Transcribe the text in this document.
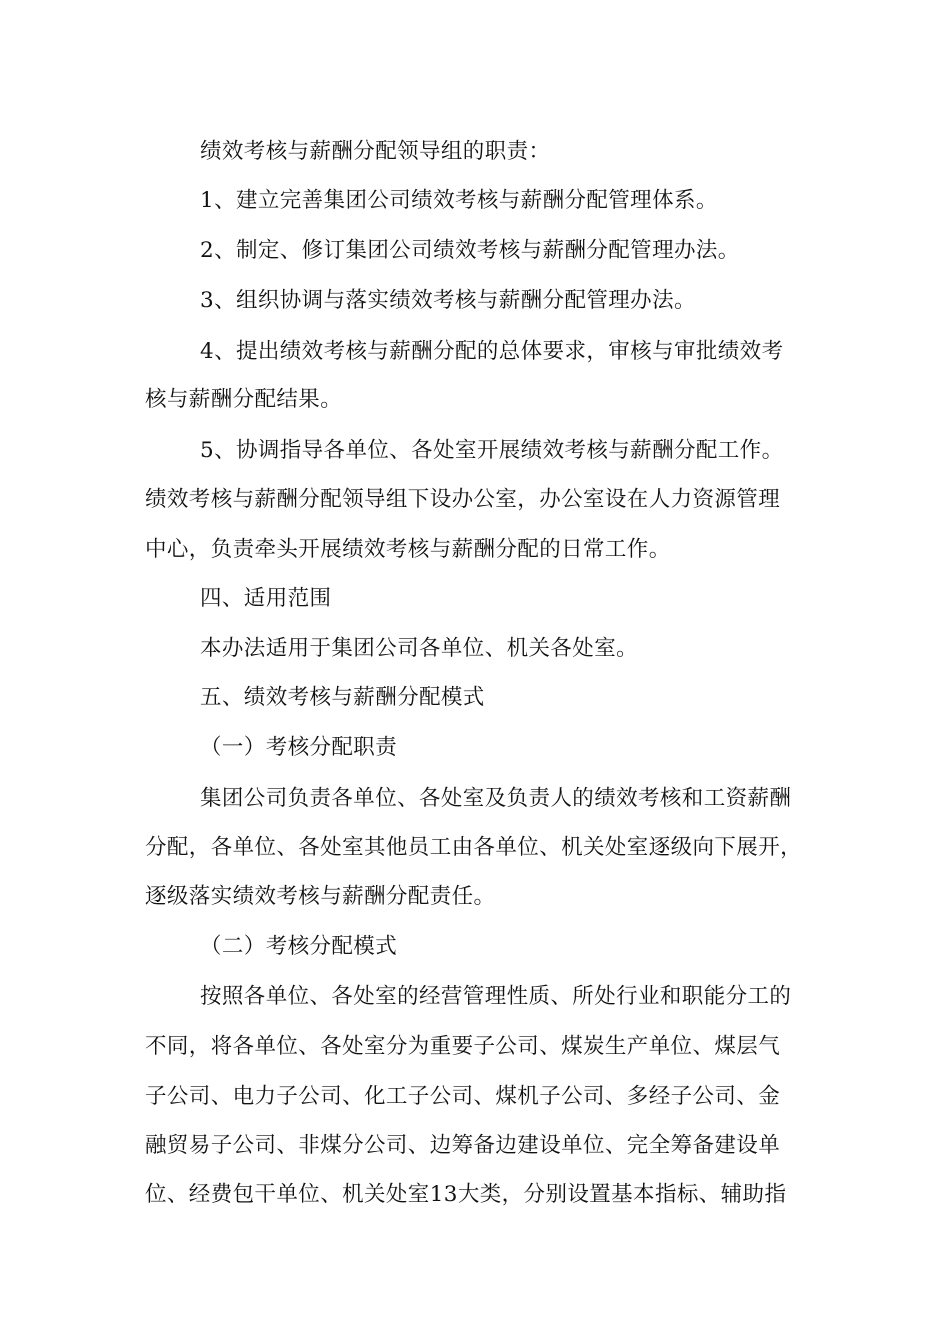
绩效考核与薪酬分配领导组的职责：
1、建立完善集团公司绩效考核与薪酬分配管理体系。
2、制定、修订集团公司绩效考核与薪酬分配管理办法。
3、组织协调与落实绩效考核与薪酬分配管理办法。
4、提出绩效考核与薪酬分配的总体要求，审核与审批绩效考
核与薪酬分配结果。
5、协调指导各单位、各处室开展绩效考核与薪酬分配工作。
绩效考核与薪酬分配领导组下设办公室，办公室设在人力资源管理
中心，负责牵头开展绩效考核与薪酬分配的日常工作。
四、适用范围
本办法适用于集团公司各单位、机关各处室。
五、绩效考核与薪酬分配模式
（一）考核分配职责
集团公司负责各单位、各处室及负责人的绩效考核和工资薪酬
分配，各单位、各处室其他员工由各单位、机关处室逐级向下展开，
逐级落实绩效考核与薪酬分配责任。
（二）考核分配模式
按照各单位、各处室的经营管理性质、所处行业和职能分工的
不同，将各单位、各处室分为重要子公司、煤炭生产单位、煤层气
子公司、电力子公司、化工子公司、煤机子公司、多经子公司、金
融贸易子公司、非煤分公司、边筹备边建设单位、完全筹备建设单
位、经费包干单位、机关处室13大类，分别设置基本指标、辅助指
